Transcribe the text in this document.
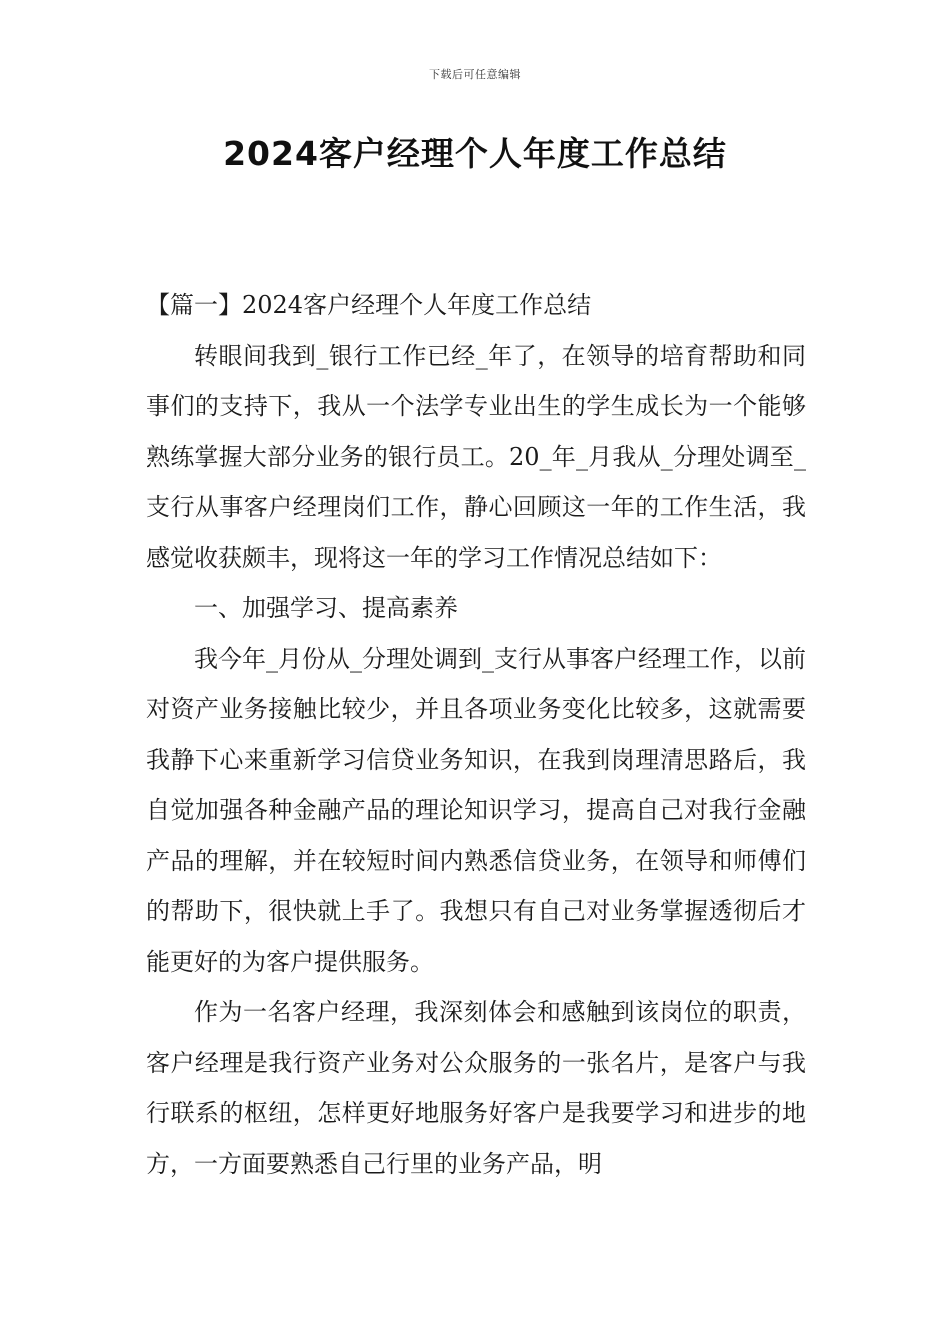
下载后可任意编辑
2024客户经理个人年度工作总结

【篇一】2024客户经理个人年度工作总结

转眼间我到_银行工作已经_年了，在领导的培育帮助和同事们的支持下，我从一个法学专业出生的学生成长为一个能够熟练掌握大部分业务的银行员工。20_年_月我从_分理处调至_支行从事客户经理岗们工作，静心回顾这一年的工作生活，我感觉收获颇丰，现将这一年的学习工作情况总结如下：

一、加强学习、提高素养

我今年_月份从_分理处调到_支行从事客户经理工作，以前对资产业务接触比较少，并且各项业务变化比较多，这就需要我静下心来重新学习信贷业务知识，在我到岗理清思路后，我自觉加强各种金融产品的理论知识学习，提高自己对我行金融产品的理解，并在较短时间内熟悉信贷业务，在领导和师傅们的帮助下，很快就上手了。我想只有自己对业务掌握透彻后才能更好的为客户提供服务。

作为一名客户经理，我深刻体会和感触到该岗位的职责，客户经理是我行资产业务对公众服务的一张名片，是客户与我行联系的枢纽，怎样更好地服务好客户是我要学习和进步的地方，一方面要熟悉自己行里的业务产品，明
